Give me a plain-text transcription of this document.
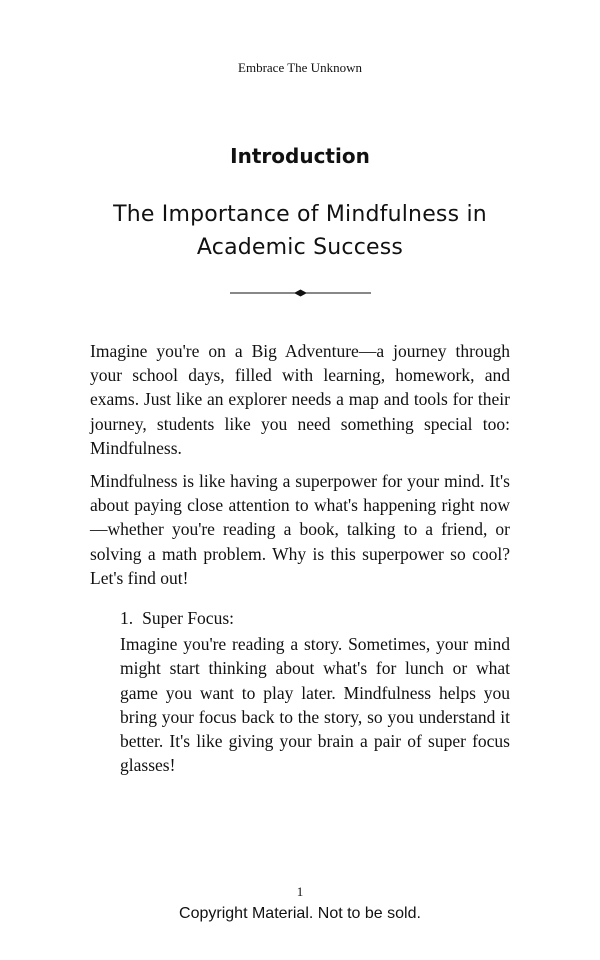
Embrace The Unknown
Introduction
The Importance of Mindfulness in Academic Success

Imagine you're on a Big Adventure—a journey through your school days, filled with learning, homework, and exams. Just like an explorer needs a map and tools for their journey, students like you need something special too: Mindfulness.

Mindfulness is like having a superpower for your mind. It's about paying close attention to what's happening right now—whether you're reading a book, talking to a friend, or solving a math problem. Why is this superpower so cool? Let's find out!

1. Super Focus:

Imagine you're reading a story. Sometimes, your mind might start thinking about what's for lunch or what game you want to play later. Mindfulness helps you bring your focus back to the story, so you understand it better. It's like giving your brain a pair of super focus glasses!

1
Copyright Material. Not to be sold.
